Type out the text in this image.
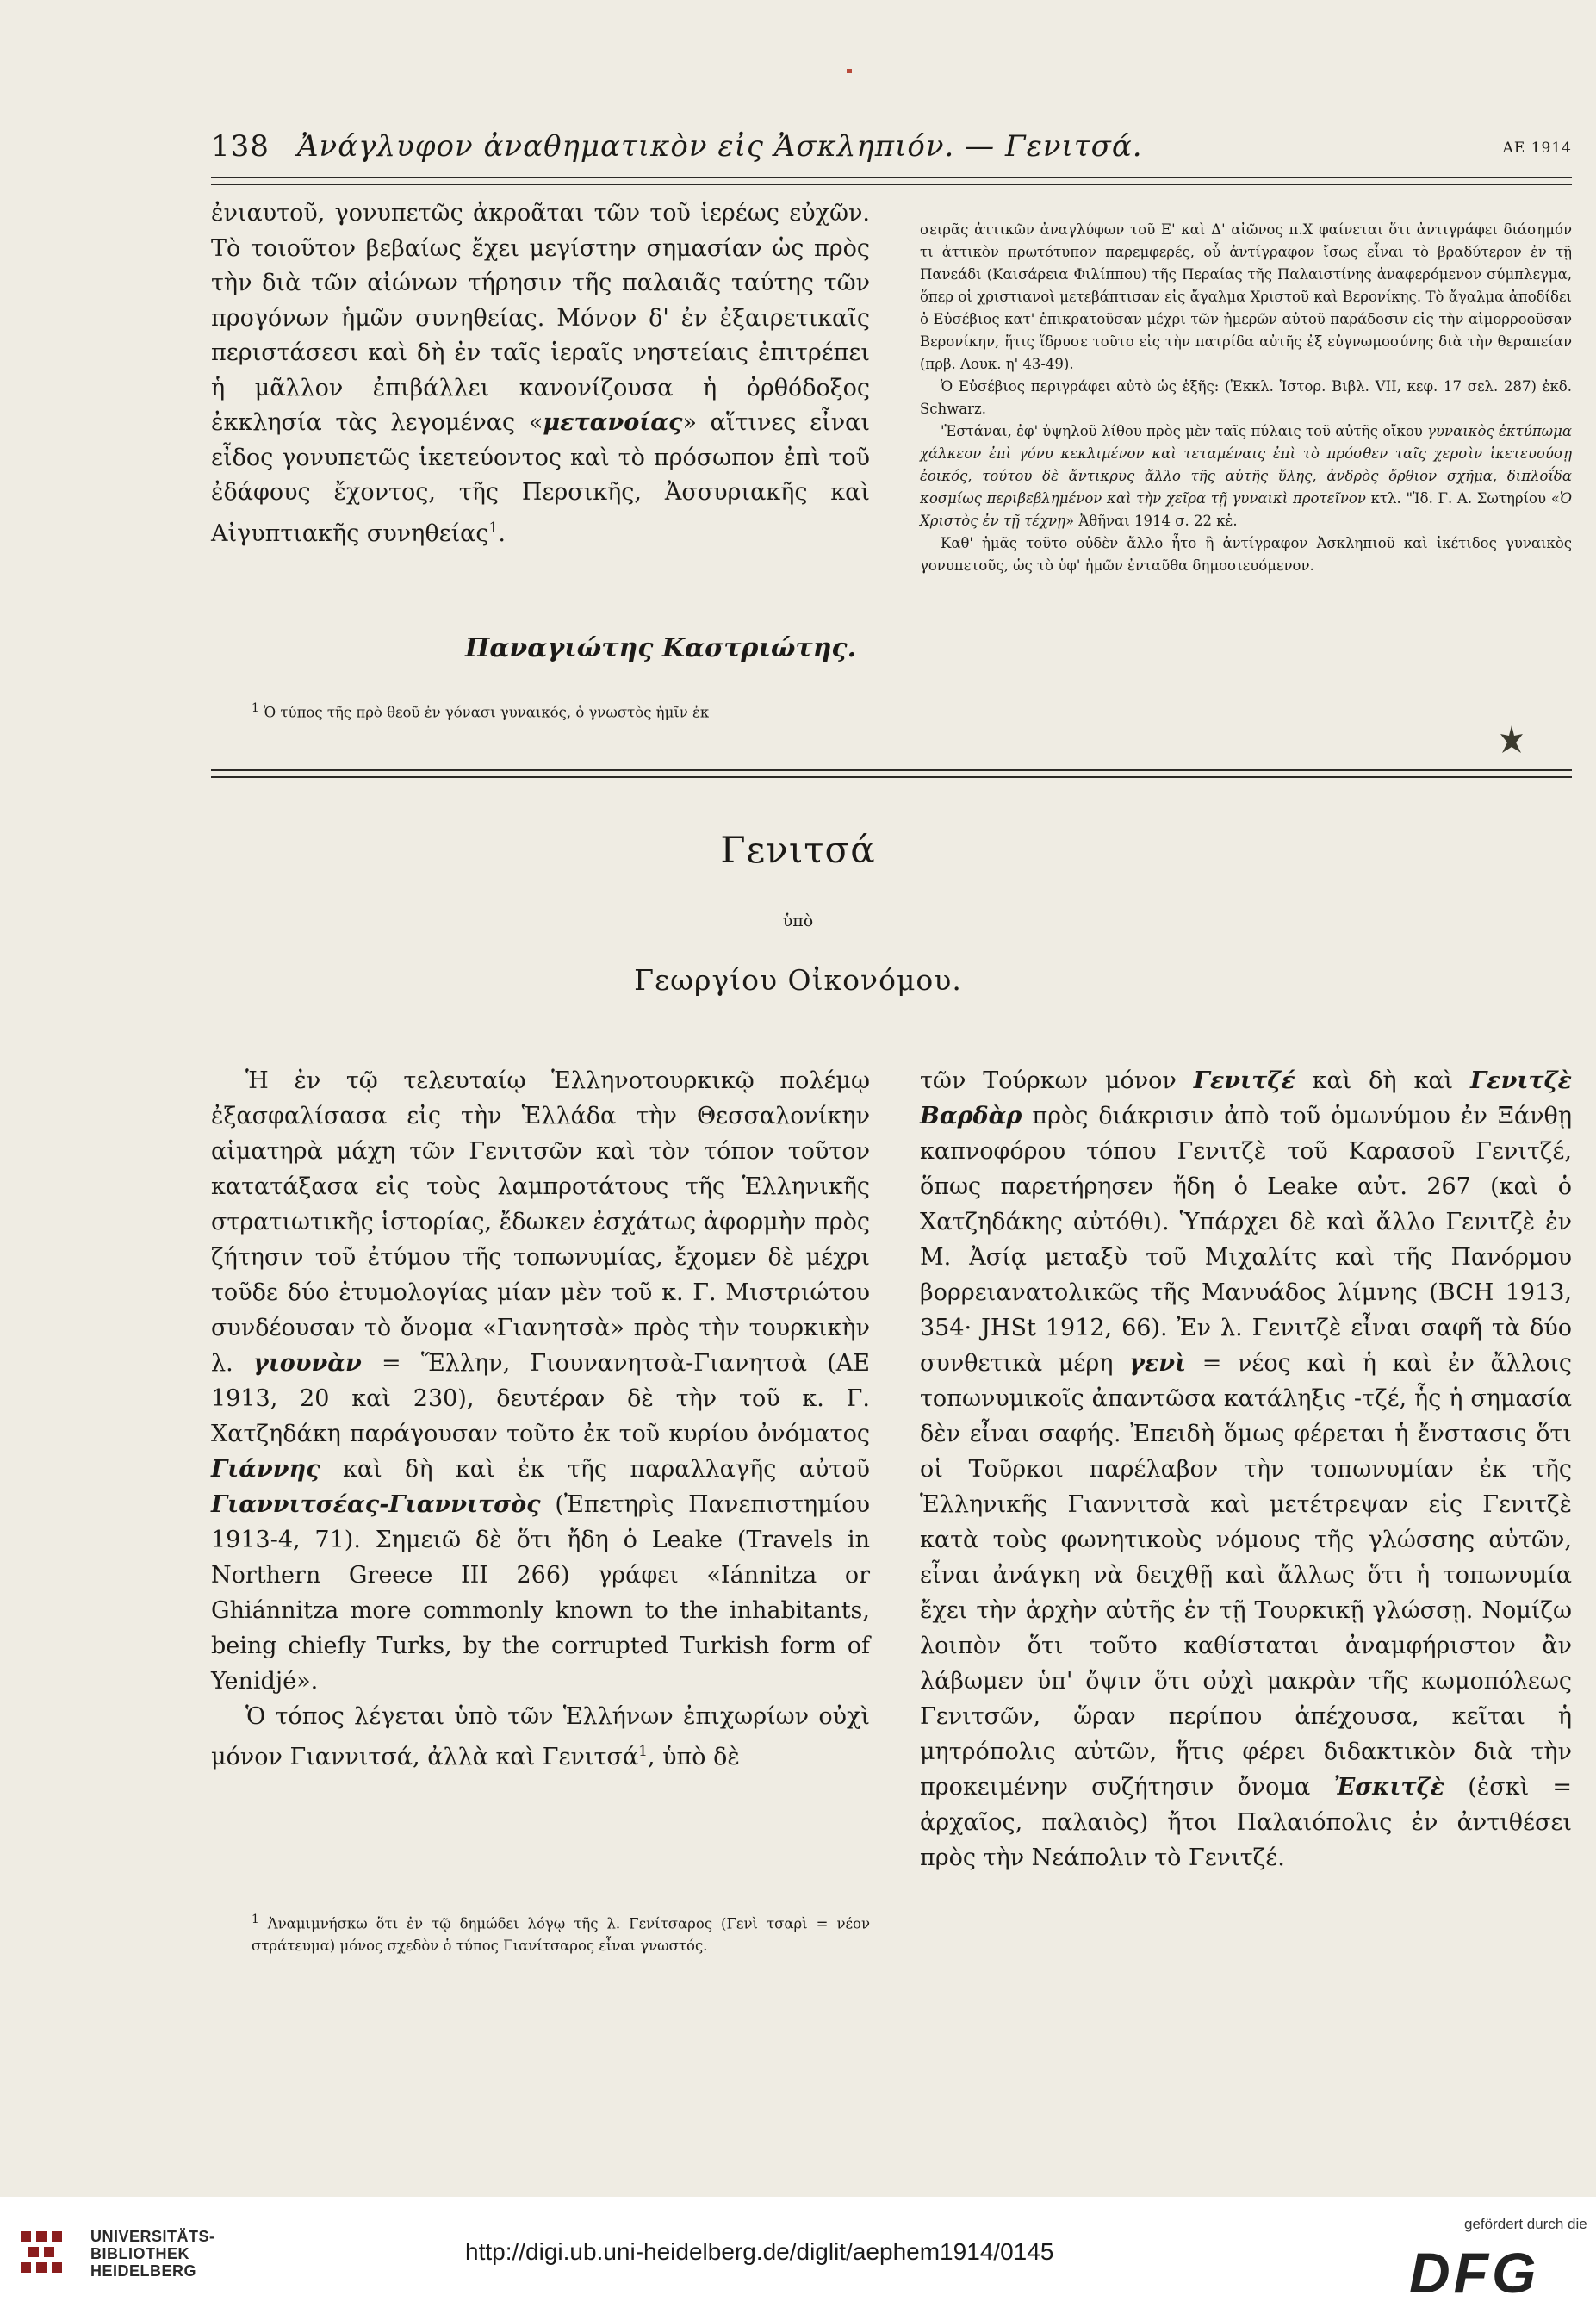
138 Ἀνάγλυφον ἀναθηματικὸν εἰς Ἀσκληπιόν. — Γενιτσά.	ΑΕ 1914

ἐνιαυτοῦ, γονυπετῶς ἀκροᾶται τῶν τοῦ ἱερέως εὐχῶν. Τὸ τοιοῦτον βεβαίως ἔχει μεγίστην σημασίαν ὡς πρὸς τὴν διὰ τῶν αἰώνων τήρησιν τῆς παλαιᾶς ταύτης τῶν προγόνων ἡμῶν συνηθείας. Μόνον δ' ἐν ἐξαιρετικαῖς περιστάσεσι καὶ δὴ ἐν ταῖς ἱεραῖς νηστείαις ἐπιτρέπει ἡ μᾶλλον ἐπιβάλλει κανονίζουσα ἡ ὀρθόδοξος ἐκκλησία τὰς λεγομένας «μετανοίας» αἵτινες εἶναι εἶδος γονυπετῶς ἱκετεύοντος καὶ τὸ πρόσωπον ἐπὶ τοῦ ἐδάφους ἔχοντος, τῆς Περσικῆς, Ἀσσυριακῆς καὶ Αἰγυπτιακῆς συνηθείας$^1$.

Παναγιώτης Καστριώτης.
$^1$ Ὁ τύπος τῆς πρὸ θεοῦ ἐν γόνασι γυναικός, ὁ γνωστὸς ἡμῖν ἐκ

σειρᾶς ἀττικῶν ἀναγλύφων τοῦ Ε' καὶ Δ' αἰῶνος π.Χ φαίνεται ὅτι ἀντιγράφει διάσημόν τι ἀττικὸν πρωτότυπον παρεμφερές, οὗ ἀντίγραφον ἴσως εἶναι τὸ βραδύτερον ἐν τῇ Πανεάδι (Καισάρεια Φιλίππου) τῆς Περαίας τῆς Παλαιστίνης ἀναφερόμενον σύμπλεγμα, ὅπερ οἱ χριστιανοὶ μετεβάπτισαν εἰς ἄγαλμα Χριστοῦ καὶ Βερονίκης. Τὸ ἄγαλμα ἀποδίδει ὁ Εὐσέβιος κατ' ἐπικρατοῦσαν μέχρι τῶν ἡμερῶν αὐτοῦ παράδοσιν εἰς τὴν αἱμορροοῦσαν Βερονίκην, ἥτις ἵδρυσε τοῦτο εἰς τὴν πατρίδα αὐτῆς ἐξ εὐγνωμοσύνης διὰ τὴν θεραπείαν (πρβ. Λουκ. η' 43-49).

Ὁ Εὐσέβιος περιγράφει αὐτὸ ὡς ἑξῆς: (Ἐκκλ. Ἱστορ. Βιβλ. VII, κεφ. 17 σελ. 287) ἐκδ. Schwarz.

'Ἑστάναι, ἐφ' ὑψηλοῦ λίθου πρὸς μὲν ταῖς πύλαις τοῦ αὐτῆς οἴκου γυναικὸς ἐκτύπωμα χάλκεον ἐπὶ γόνυ κεκλιμένον καὶ τεταμέναις ἐπὶ τὸ πρόσθεν ταῖς χερσὶν ἱκετευούσῃ ἐοικός, τούτου δὲ ἄντικρυς ἄλλο τῆς αὐτῆς ὕλης, ἀνδρὸς ὄρθιον σχῆμα, διπλοΐδα κοσμίως περιβεβλημένον καὶ τὴν χεῖρα τῇ γυναικὶ προτεῖνον κτλ. "Ἰδ. Γ. Α. Σωτηρίου «Ὁ Χριστὸς ἐν τῇ τέχνῃ» Ἀθῆναι 1914 σ. 22 κἑ.

Καθ' ἡμᾶς τοῦτο οὐδὲν ἄλλο ἦτο ἢ ἀντίγραφον Ἀσκληπιοῦ καὶ ἱκέτιδος γυναικὸς γονυπετοῦς, ὡς τὸ ὑφ' ἡμῶν ἐνταῦθα δημοσιευόμενον.

Γενιτσά
ὑπὸ
Γεωργίου Οἰκονόμου.

Ἡ ἐν τῷ τελευταίῳ Ἑλληνοτουρκικῷ πολέμῳ ἐξασφαλίσασα εἰς τὴν Ἑλλάδα τὴν Θεσσαλονίκην αἱματηρὰ μάχη τῶν Γενιτσῶν καὶ τὸν τόπον τοῦτον κατατάξασα εἰς τοὺς λαμπροτάτους τῆς Ἑλληνικῆς στρατιωτικῆς ἱστορίας, ἔδωκεν ἐσχάτως ἀφορμὴν πρὸς ζήτησιν τοῦ ἐτύμου τῆς τοπωνυμίας, ἔχομεν δὲ μέχρι τοῦδε δύο ἐτυμολογίας μίαν μὲν τοῦ κ. Γ. Μιστριώτου συνδέουσαν τὸ ὄνομα «Γιανητσὰ» πρὸς τὴν τουρκικὴν λ. γιουνὰν = Ἕλλην, Γιουνανητσὰ-Γιανητσὰ (ΑΕ 1913, 20 καὶ 230), δευτέραν δὲ τὴν τοῦ κ. Γ. Χατζηδάκη παράγουσαν τοῦτο ἐκ τοῦ κυρίου ὀνόματος Γιάννης καὶ δὴ καὶ ἐκ τῆς παραλλαγῆς αὐτοῦ Γιαννιτσέας-Γιαννιτσὸς (Ἐπετηρὶς Πανεπιστημίου 1913-4, 71). Σημειῶ δὲ ὅτι ἤδη ὁ Leake (Travels in Northern Greece III 266) γράφει «Iánnitza or Ghiánnitza more commonly known to the inhabitants, being chiefly Turks, by the corrupted Turkish form of Yenidjé».

Ὁ τόπος λέγεται ὑπὸ τῶν Ἑλλήνων ἐπιχωρίων οὐχὶ μόνον Γιαννιτσά, ἀλλὰ καὶ Γενιτσά$^1$, ὑπὸ δὲ

$^1$ Ἀναμιμνήσκω ὅτι ἐν τῷ δημώδει λόγῳ τῆς λ. Γενίτσαρος (Γενὶ τσαρὶ = νέον στράτευμα) μόνος σχεδὸν ὁ τύπος Γιανίτσαρος εἶναι γνωστός.

τῶν Τούρκων μόνον Γενιτζέ καὶ δὴ καὶ Γενιτζὲ Βαρδὰρ πρὸς διάκρισιν ἀπὸ τοῦ ὁμωνύμου ἐν Ξάνθῃ καπνοφόρου τόπου Γενιτζὲ τοῦ Καρασοῦ Γενιτζέ, ὅπως παρετήρησεν ἤδη ὁ Leake αὐτ. 267 (καὶ ὁ Χατζηδάκης αὐτόθι). Ὑπάρχει δὲ καὶ ἄλλο Γενιτζὲ ἐν Μ. Ἀσίᾳ μεταξὺ τοῦ Μιχαλίτς καὶ τῆς Πανόρμου βορρειανατολικῶς τῆς Μανυάδος λίμνης (BCH 1913, 354· JHSt 1912, 66). Ἐν λ. Γενιτζὲ εἶναι σαφῆ τὰ δύο συνθετικὰ μέρη γενὶ = νέος καὶ ἡ καὶ ἐν ἄλλοις τοπωνυμικοῖς ἀπαντῶσα κατάληξις -τζέ, ἧς ἡ σημασία δὲν εἶναι σαφής. Ἐπειδὴ ὅμως φέρεται ἡ ἔνστασις ὅτι οἱ Τοῦρκοι παρέλαβον τὴν τοπωνυμίαν ἐκ τῆς Ἑλληνικῆς Γιαννιτσὰ καὶ μετέτρεψαν εἰς Γενιτζὲ κατὰ τοὺς φωνητικοὺς νόμους τῆς γλώσσης αὐτῶν, εἶναι ἀνάγκη νὰ δειχθῇ καὶ ἄλλως ὅτι ἡ τοπωνυμία ἔχει τὴν ἀρχὴν αὐτῆς ἐν τῇ Τουρκικῇ γλώσσῃ. Νομίζω λοιπὸν ὅτι τοῦτο καθίσταται ἀναμφήριστον ἂν λάβωμεν ὑπ' ὄψιν ὅτι οὐχὶ μακρὰν τῆς κωμοπόλεως Γενιτσῶν, ὥραν περίπου ἀπέχουσα, κεῖται ἡ μητρόπολις αὐτῶν, ἥτις φέρει διδακτικὸν διὰ τὴν προκειμένην συζήτησιν ὄνομα Ἐσκιτζὲ (ἐσκὶ = ἀρχαῖος, παλαιὸς) ἤτοι Παλαιόπολις ἐν ἀντιθέσει πρὸς τὴν Νεάπολιν τὸ Γενιτζέ.

UNIVERSITÄTS-
BIBLIOTHEK
HEIDELBERG
http://digi.ub.uni-heidelberg.de/diglit/aephem1914/0145
gefördert durch die
DFG
